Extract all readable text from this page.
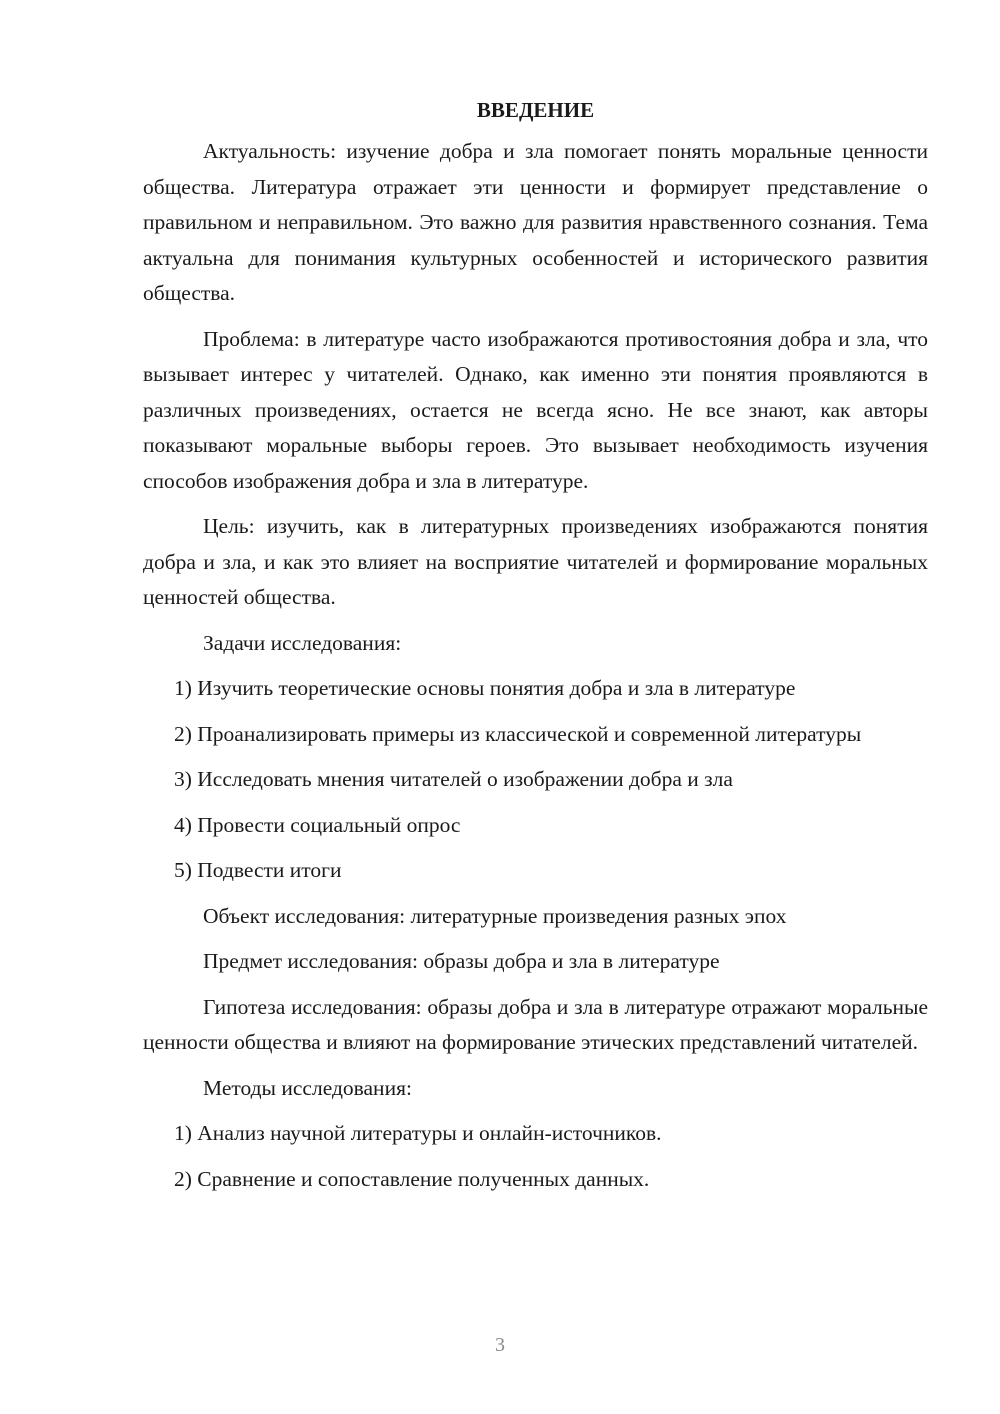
ВВЕДЕНИЕ

Актуальность: изучение добра и зла помогает понять моральные ценности общества. Литература отражает эти ценности и формирует представление о правильном и неправильном. Это важно для развития нравственного сознания. Тема актуальна для понимания культурных особенностей и исторического развития общества.

Проблема: в литературе часто изображаются противостояния добра и зла, что вызывает интерес у читателей. Однако, как именно эти понятия проявляются в различных произведениях, остается не всегда ясно. Не все знают, как авторы показывают моральные выборы героев. Это вызывает необходимость изучения способов изображения добра и зла в литературе.

Цель: изучить, как в литературных произведениях изображаются понятия добра и зла, и как это влияет на восприятие читателей и формирование моральных ценностей общества.

Задачи исследования:

1) Изучить теоретические основы понятия добра и зла в литературе

2) Проанализировать примеры из классической и современной литературы

3) Исследовать мнения читателей о изображении добра и зла

4) Провести социальный опрос

5) Подвести итоги

Объект исследования: литературные произведения разных эпох

Предмет исследования: образы добра и зла в литературе

Гипотеза исследования: образы добра и зла в литературе отражают моральные ценности общества и влияют на формирование этических представлений читателей.

Методы исследования:

1) Анализ научной литературы и онлайн-источников.

2) Сравнение и сопоставление полученных данных.

3
